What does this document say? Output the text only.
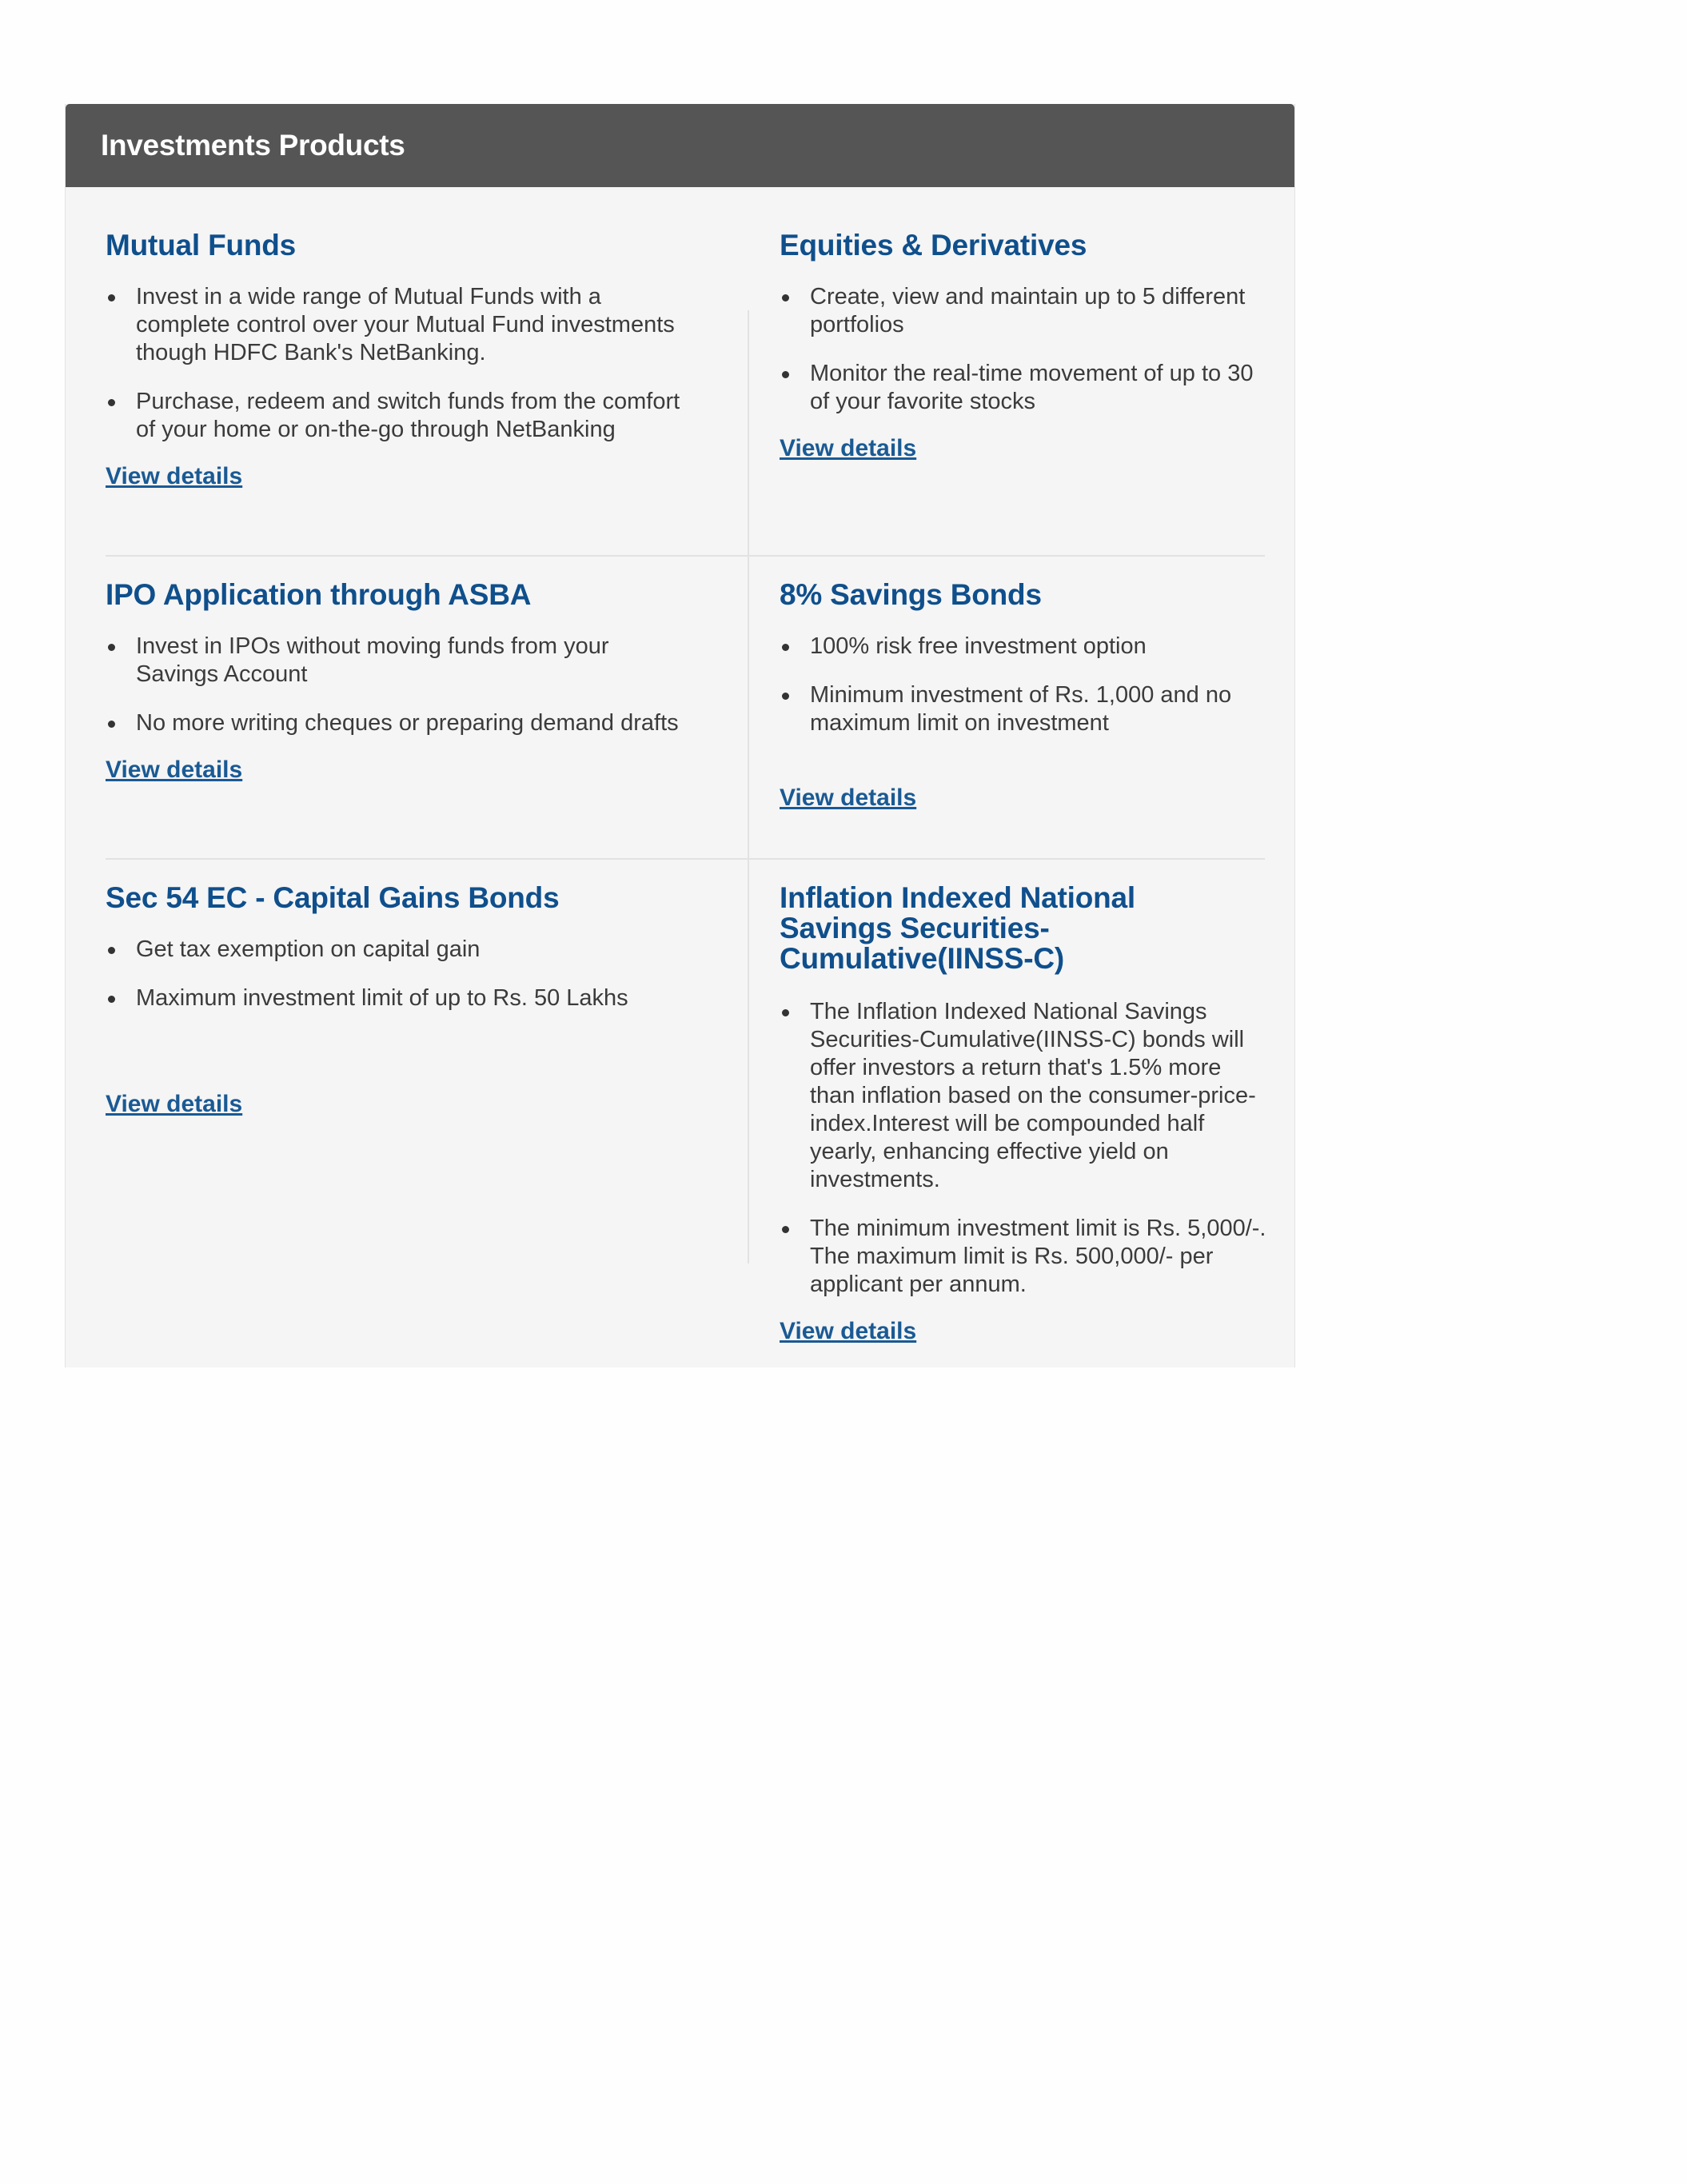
Investments Products
Mutual Funds
Invest in a wide range of Mutual Funds with a complete control over your Mutual Fund investments though HDFC Bank's NetBanking.
Purchase, redeem and switch funds from the comfort of your home or on-the-go through NetBanking
View details
Equities & Derivatives
Create, view and maintain up to 5 different portfolios
Monitor the real-time movement of up to 30 of your favorite stocks
View details
IPO Application through ASBA
Invest in IPOs without moving funds from your Savings Account
No more writing cheques or preparing demand drafts
View details
8% Savings Bonds
100% risk free investment option
Minimum investment of Rs. 1,000 and no maximum limit on investment
View details
Sec 54 EC - Capital Gains Bonds
Get tax exemption on capital gain
Maximum investment limit of up to Rs. 50 Lakhs
View details
Inflation Indexed National Savings Securities-Cumulative(IINSS-C)
The Inflation Indexed National Savings Securities-Cumulative(IINSS-C) bonds will offer investors a return that's 1.5% more than inflation based on the consumer-price-index.Interest will be compounded half yearly, enhancing effective yield on investments.
The minimum investment limit is Rs. 5,000/-. The maximum limit is Rs. 500,000/- per applicant per annum.
View details
